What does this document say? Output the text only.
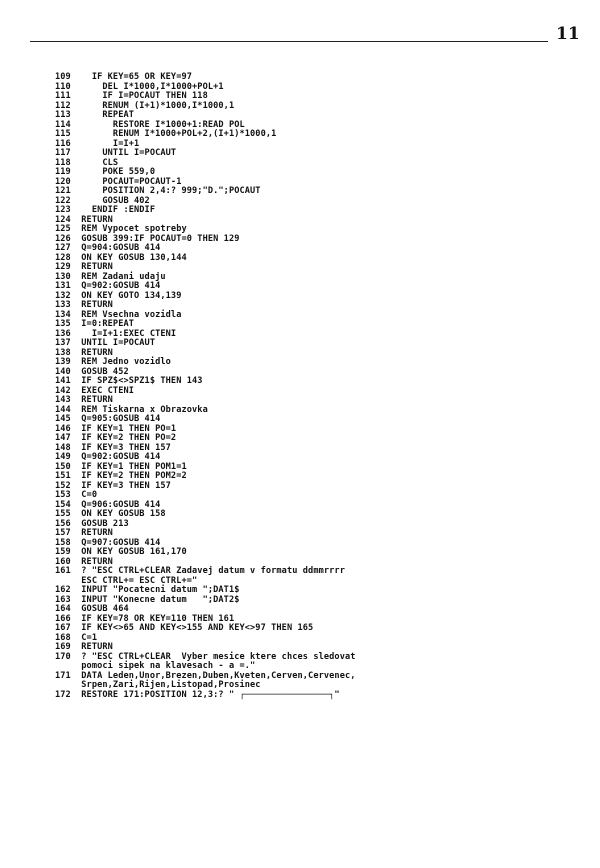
11
109 IF KEY=65 OR KEY=97
110 DEL I*1000,I*1000+POL+1
111 IF I=POCAUT THEN 118
112 RENUM (I+1)*1000,I*1000,1
113 REPEAT
114 RESTORE I*1000+1:READ POL
115 RENUM I*1000+POL+2,(I+1)*1000,1
116 I=I+1
117 UNTIL I=POCAUT
118 CLS
119 POKE 559,0
120 POCAUT=POCAUT-1
121 POSITION 2,4:? 999;"D.";POCAUT
122 GOSUB 402
123 ENDIF :ENDIF
124 RETURN
125 REM Vypocet spotreby
126 GOSUB 399:IF POCAUT=0 THEN 129
127 Q=904:GOSUB 414
128 ON KEY GOSUB 130,144
129 RETURN
130 REM Zadani udaju
131 Q=902:GOSUB 414
132 ON KEY GOTO 134,139
133 RETURN
134 REM Vsechna vozidla
135 I=0:REPEAT
136 I=I+1:EXEC CTENI
137 UNTIL I=POCAUT
138 RETURN
139 REM Jedno vozidlo
140 GOSUB 452
141 IF SPZ$<>SPZ1$ THEN 143
142 EXEC CTENI
143 RETURN
144 REM Tiskarna x Obrazovka
145 Q=905:GOSUB 414
146 IF KEY=1 THEN PO=1
147 IF KEY=2 THEN PO=2
148 IF KEY=3 THEN 157
149 Q=902:GOSUB 414
150 IF KEY=1 THEN POM1=1
151 IF KEY=2 THEN POM2=2
152 IF KEY=3 THEN 157
153 C=0
154 Q=906:GOSUB 414
155 ON KEY GOSUB 158
156 GOSUB 213
157 RETURN
158 Q=907:GOSUB 414
159 ON KEY GOSUB 161,170
160 RETURN
161 ? "ESC CTRL+CLEAR Zadavej datum v formatu ddmmrrrr
ESC CTRL+= ESC CTRL+="
162 INPUT "Pocatecni datum ";DAT1$
163 INPUT "Konecne datum   ";DAT2$
164 GOSUB 464
166 IF KEY=78 OR KEY=110 THEN 161
167 IF KEY<>65 AND KEY<>155 AND KEY<>97 THEN 165
168 C=1
169 RETURN
170 ? "ESC CTRL+CLEAR  Vyber mesice ktere chces sledovat
pomoci sipek na klavesach - a =."
171 DATA Leden,Unor,Brezen,Duben,Kveten,Cerven,Cervenec,
Srpen,Zari,Rijen,Listopad,Prosinec
172 RESTORE 171:POSITION 12,3:? " ┌────────────────┐"
